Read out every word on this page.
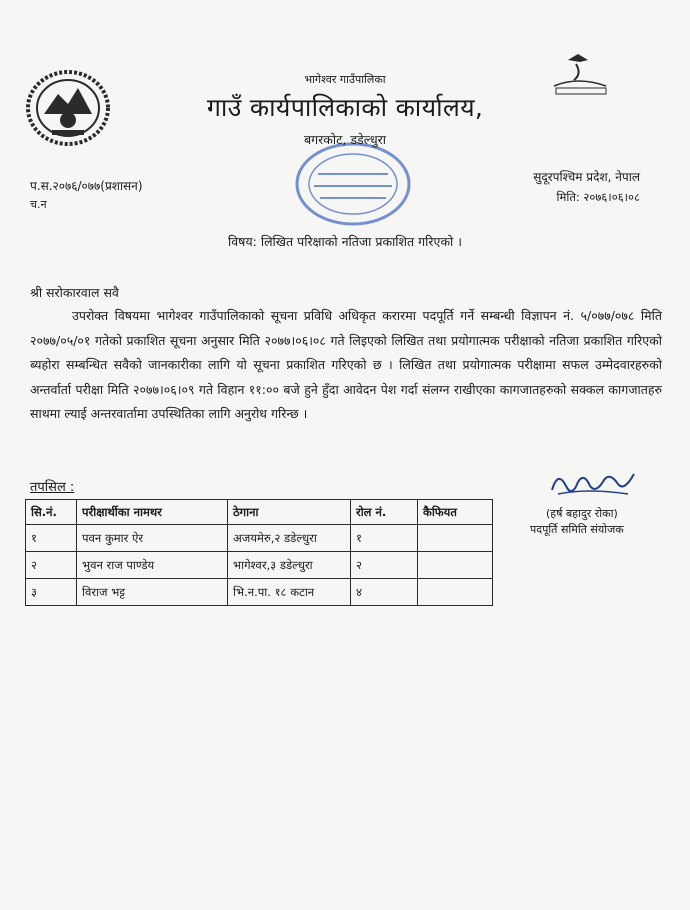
भागेश्वर गाउँपालिका
गाउँ कार्यपालिकाको कार्यालय,
बगरकोट, डडेल्धुरा
प.स.२०७६/०७७(प्रशासन)
च.न
सुदूरपश्चिम प्रदेश, नेपाल
मिति: २०७६।०६।०८
विषय: लिखित परिक्षाको नतिजा प्रकाशित गरिएको ।
श्री सरोकारवाल सवै

उपरोक्त विषयमा भागेश्वर गाउँपालिकाको सूचना प्रविधि अधिकृत करारमा पदपूर्ति गर्ने सम्बन्धी विज्ञापन नं. ५/०७७/०७८ मिति २०७७/०५/०१ गतेको प्रकाशित सूचना अनुसार मिति २०७७।०६।०८ गते लिइएको लिखित तथा प्रयोगात्मक परीक्षाको नतिजा प्रकाशित गरिएको ब्यहोरा सम्बन्धित सवैको जानकारीका लागि यो सूचना प्रकाशित गरिएको छ । लिखित तथा प्रयोगात्मक परीक्षामा सफल उम्मेदवारहरुको अन्तर्वार्ता परीक्षा मिति २०७७।०६।०९ गते विहान ११:०० बजे हुने हुँदा आवेदन पेश गर्दा संलग्न राखीएका कागजातहरुको सक्कल कागजातहरु साथमा ल्याई अन्तरवार्तामा उपस्थितिका लागि अनुरोध गरिन्छ ।

तपसिल :
सि.नं.	परीक्षार्थीका नामथर	ठेगाना	रोल नं.	कैफियत
१	पवन कुमार ऐर	अजयमेरु,२ डडेल्धुरा	१	
२	भुवन राज पाण्डेय	भागेश्वर,३ डडेल्धुरा	२	
३	विराज भट्ट	भि.न.पा. १८ कटान	४	
(हर्ष बहादुर रोका)
पदपूर्ति समिति संयोजक
